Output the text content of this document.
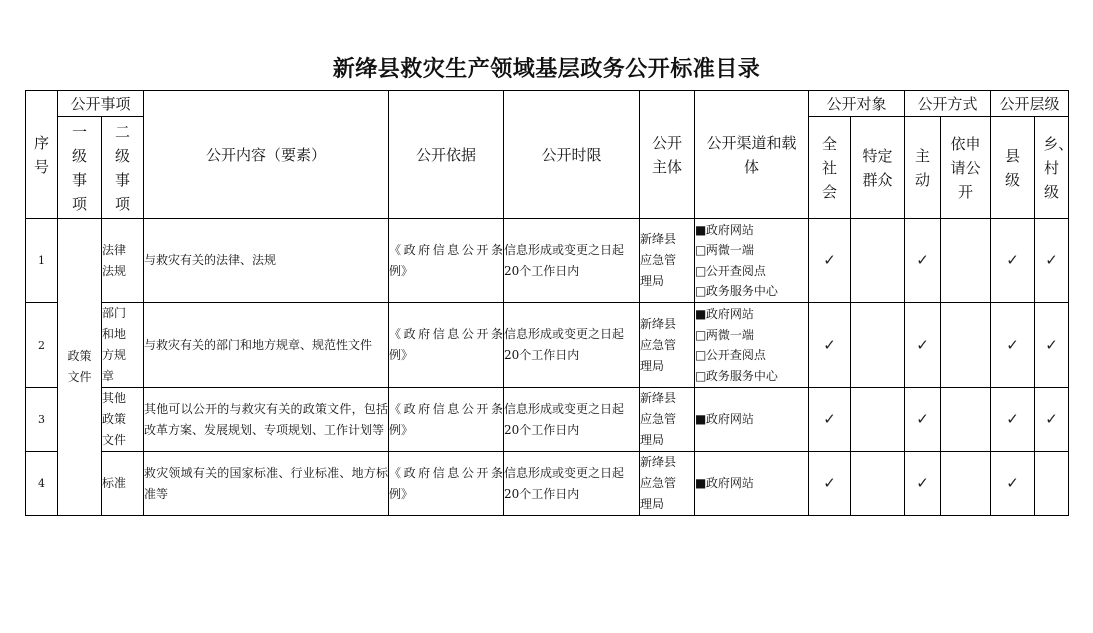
新绛县救灾生产领域基层政务公开标准目录
序号	公开事项		公开内容（要素）	公开依据	公开时限	公开主体	公开渠道和载体	公开对象		公开方式		公开层级	

	一级事项	二级事项						全社会	特定群众	主动	依申请公开	县级	乡、村级

1	政策文件	法律法规	与救灾有关的法律、法规	《政府信息公开条例》	信息形成或变更之日起20个工作日内	新绛县应急管理局	■政府网站
□两微一端
□公开查阅点
□政务服务中心	✓		✓		✓	✓
2		部门和地方规章	与救灾有关的部门和地方规章、规范性文件	《政府信息公开条例》	信息形成或变更之日起20个工作日内	新绛县应急管理局	■政府网站
□两微一端
□公开查阅点
□政务服务中心	✓		✓		✓	✓
3		其他政策文件	其他可以公开的与救灾有关的政策文件，包括改革方案、发展规划、专项规划、工作计划等	《政府信息公开条例》	信息形成或变更之日起20个工作日内	新绛县应急管理局	■政府网站	✓		✓		✓	✓
4		标准	救灾领域有关的国家标准、行业标准、地方标准等	《政府信息公开条例》	信息形成或变更之日起20个工作日内	新绛县应急管理局	■政府网站	✓		✓		✓	
